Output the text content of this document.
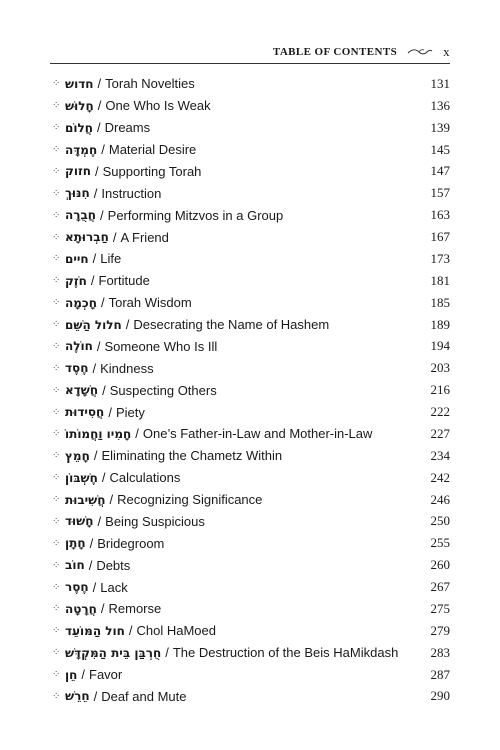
TABLE OF CONTENTS	x
⁘ חדוש / Torah Novelties	131
⁘ חָלוּשׁ / One Who Is Weak	136
⁘ חֲלוֹם / Dreams	139
⁘ חֶמְדָּה / Material Desire	145
⁘ חזוק / Supporting Torah	147
⁘ חִנּוּךְ / Instruction	157
⁘ חֲבֻרָה / Performing Mitzvos in a Group	163
⁘ חַבְרוּתָא / A Friend	167
⁘ חיים / Life	173
⁘ חֹזֶק / Fortitude	181
⁘ חָכְמָה / Torah Wisdom	185
⁘ חלול הַשֵּׁם / Desecrating the Name of Hashem	189
⁘ חוֹלֶה / Someone Who Is Ill	194
⁘ חֶסֶד / Kindness	203
⁘ חֲשָׁדָא / Suspecting Others	216
⁘ חֲסִידוּת / Piety	222
⁘ חָמִיו וַחֲמוֹתוֹ / One’s Father-in-Law and Mother-in-Law	227
⁘ חָמֵץ / Eliminating the Chametz Within	234
⁘ חֶשְׁבּוֹן / Calculations	242
⁘ חֲשִׁיבוּת / Recognizing Significance	246
⁘ חָשׁוּד / Being Suspicious	250
⁘ חָתָן / Bridegroom	255
⁘ חוֹב / Debts	260
⁘ חֶסֶר / Lack	267
⁘ חֲרָטָה / Remorse	275
⁘ חול הַמּוֹעֵד / Chol HaMoed	279
⁘ חֻרְבַּן בֵּית הַמִּקְדָּשׁ / The Destruction of the Beis HaMikdash	283
⁘ חֵן / Favor	287
⁘ חֵרֵשׁ / Deaf and Mute	290
